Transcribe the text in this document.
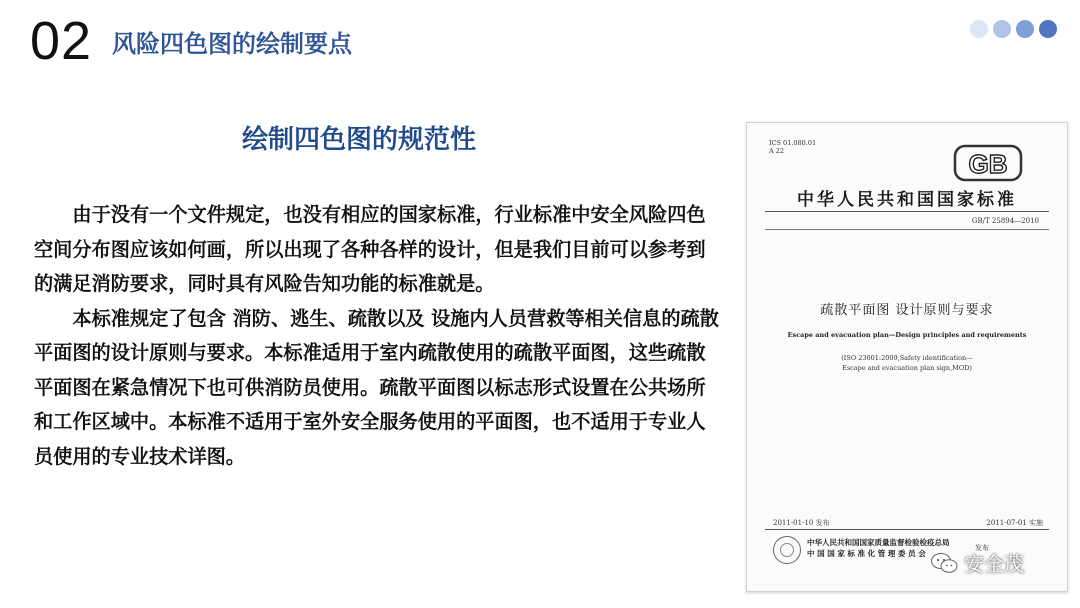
02 风险四色图的绘制要点
绘制四色图的规范性

由于没有一个文件规定，也没有相应的国家标准，行业标准中安全风险四色空间分布图应该如何画，所以出现了各种各样的设计，但是我们目前可以参考到的满足消防要求，同时具有风险告知功能的标准就是。

本标准规定了包含 消防、逃生、疏散以及 设施内人员营救等相关信息的疏散平面图的设计原则与要求。本标准适用于室内疏散使用的疏散平面图，这些疏散平面图在紧急情况下也可供消防员使用。疏散平面图以标志形式设置在公共场所和工作区域中。本标准不适用于室外安全服务使用的平面图，也不适用于专业人员使用的专业技术详图。

ICS 01.080.01
A 22	GB
中华人民共和国国家标准
GB/T 25894—2010
疏散平面图 设计原则与要求
Escape and evacuation plan—Design principles and requirements
(ISO 23601:2009,Safety identification—
Escape and evacuation plan sign,MOD)
2011-01-10 发布	2011-07-01 实施
中华人民共和国国家质量监督检验检疫总局
中 国 国 家 标 准 化 管 理 委 员 会
发布
安全茂
